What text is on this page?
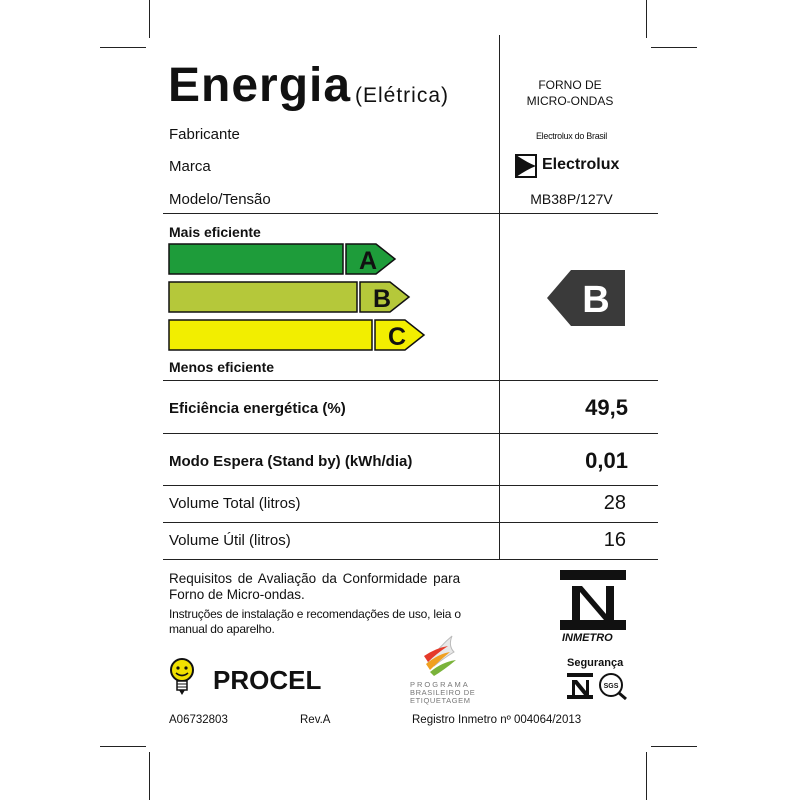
Energia (Elétrica)	FORNO DE
MICRO-ONDAS
Fabricante	Electrolux do Brasil
Marca	Electrolux
Modelo/Tensão	MB38P/127V
Mais eficiente
Menos eficiente
A
B
C
B
Eficiência energética (%)	49,5
Modo Espera (Stand by) (kWh/dia)	0,01
Volume Total (litros)	28
Volume Útil (litros)	16
Requisitos de Avaliação da Conformidade para
Forno de Micro-ondas.
Instruções de instalação e recomendações de uso, leia o
manual do aparelho.
INMETRO
Segurança
SGS
PROCEL	PROGRAMA
BRASILEIRO DE
ETIQUETAGEM
A06732803	Rev.A	Registro Inmetro nº 004064/2013
